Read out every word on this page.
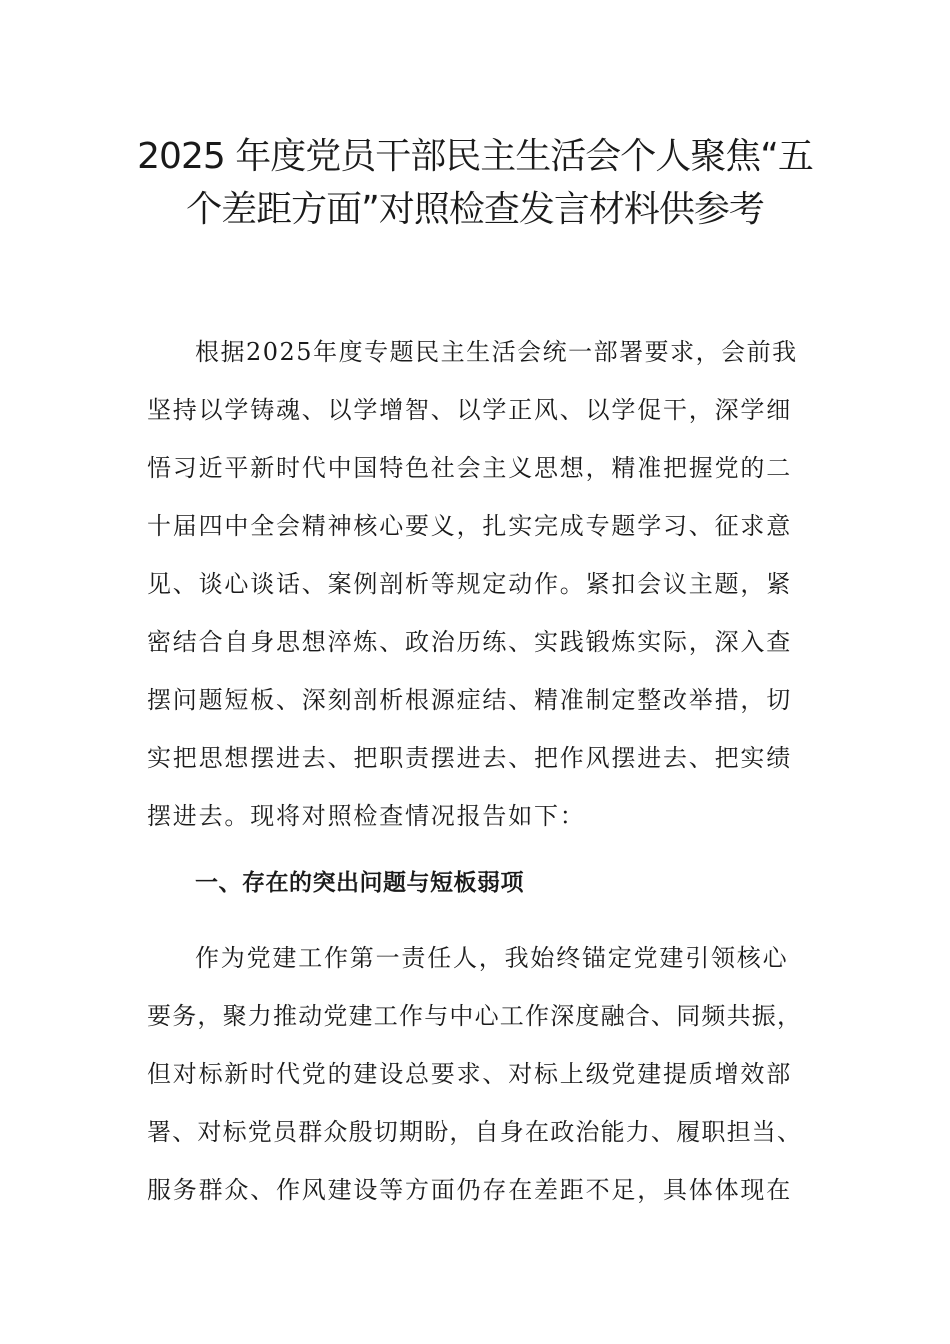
2025 年度党员干部民主生活会个人聚焦“五
个差距方面”对照检查发言材料供参考
根据2025年度专题民主生活会统一部署要求，会前我
坚持以学铸魂、以学增智、以学正风、以学促干，深学细
悟习近平新时代中国特色社会主义思想，精准把握党的二
十届四中全会精神核心要义，扎实完成专题学习、征求意
见、谈心谈话、案例剖析等规定动作。紧扣会议主题，紧
密结合自身思想淬炼、政治历练、实践锻炼实际，深入查
摆问题短板、深刻剖析根源症结、精准制定整改举措，切
实把思想摆进去、把职责摆进去、把作风摆进去、把实绩
摆进去。现将对照检查情况报告如下：
一、存在的突出问题与短板弱项
作为党建工作第一责任人，我始终锚定党建引领核心
要务，聚力推动党建工作与中心工作深度融合、同频共振，
但对标新时代党的建设总要求、对标上级党建提质增效部
署、对标党员群众殷切期盼，自身在政治能力、履职担当、
服务群众、作风建设等方面仍存在差距不足，具体体现在
